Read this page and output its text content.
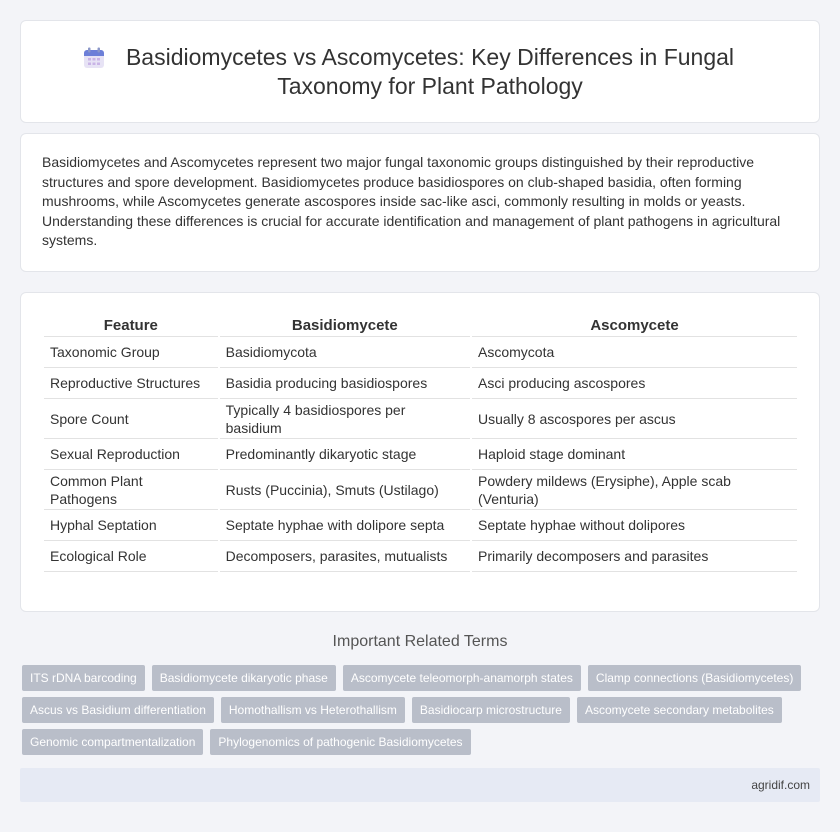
Basidiomycetes vs Ascomycetes: Key Differences in Fungal Taxonomy for Plant Pathology

Basidiomycetes and Ascomycetes represent two major fungal taxonomic groups distinguished by their reproductive structures and spore development. Basidiomycetes produce basidiospores on club-shaped basidia, often forming mushrooms, while Ascomycetes generate ascospores inside sac-like asci, commonly resulting in molds or yeasts. Understanding these differences is crucial for accurate identification and management of plant pathogens in agricultural systems.

Feature	Basidiomycete	Ascomycete
Taxonomic Group	Basidiomycota	Ascomycota
Reproductive Structures	Basidia producing basidiospores	Asci producing ascospores
Spore Count	Typically 4 basidiospores per basidium	Usually 8 ascospores per ascus
Sexual Reproduction	Predominantly dikaryotic stage	Haploid stage dominant
Common Plant Pathogens	Rusts (Puccinia), Smuts (Ustilago)	Powdery mildews (Erysiphe), Apple scab (Venturia)
Hyphal Septation	Septate hyphae with dolipore septa	Septate hyphae without dolipores
Ecological Role	Decomposers, parasites, mutualists	Primarily decomposers and parasites
Important Related Terms
ITS rDNA barcoding	Basidiomycete dikaryotic phase	Ascomycete teleomorph-anamorph states	Clamp connections (Basidiomycetes)
Ascus vs Basidium differentiation	Homothallism vs Heterothallism	Basidiocarp microstructure	Ascomycete secondary metabolites
Genomic compartmentalization	Phylogenomics of pathogenic Basidiomycetes
agridif.com
